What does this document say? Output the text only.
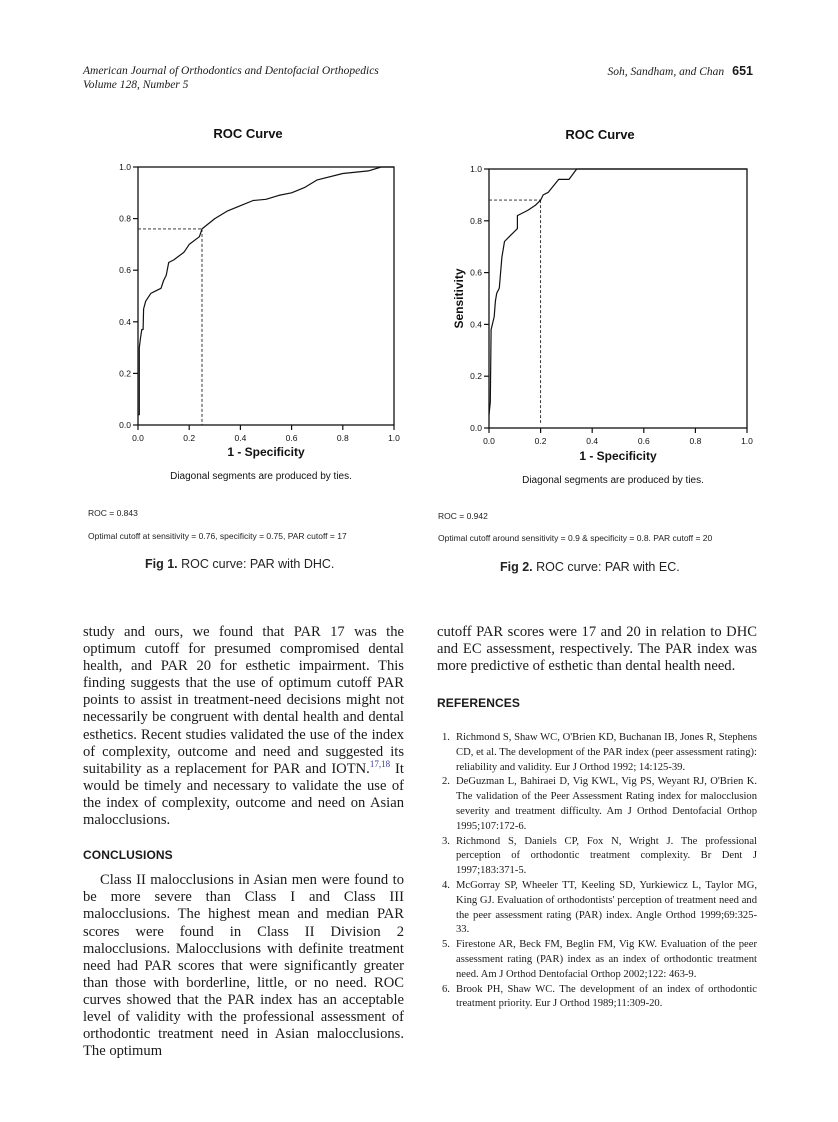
American Journal of Orthodontics and Dentofacial Orthopedics
Volume 128, Number 5
Soh, Sandham, and Chan 651
ROC Curve
0.0	0.2	0.4	0.6	0.8	1.0
0.0
0.2
0.4
0.6
0.8
1.0
1 - Specificity
Diagonal segments are produced by ties.
ROC = 0.843
Optimal cutoff at sensitivity = 0.76, specificity = 0.75, PAR cutoff = 17
Fig 1. ROC curve: PAR with DHC.
ROC Curve
0.0	0.2	0.4	0.6	0.8	1.0
0.0
0.2
0.4
0.6
0.8
1.0
1 - Specificity
Sensitivity
Diagonal segments are produced by ties.
ROC = 0.942
Optimal cutoff around sensitivity = 0.9 & specificity = 0.8. PAR cutoff = 20
Fig 2. ROC curve: PAR with EC.

study and ours, we found that PAR 17 was the optimum cutoff for presumed compromised dental health, and PAR 20 for esthetic impairment. This finding suggests that the use of optimum cutoff PAR points to assist in treatment-need decisions might not necessarily be congruent with dental health and dental esthetics. Recent studies validated the use of the index of complexity, outcome and need and suggested its suitability as a replacement for PAR and IOTN.$^{17,18}$ It would be timely and necessary to validate the use of the index of complexity, outcome and need on Asian malocclusions.

CONCLUSIONS

Class II malocclusions in Asian men were found to be more severe than Class I and Class III malocclusions. The highest mean and median PAR scores were found in Class II Division 2 malocclusions. Malocclusions with definite treatment need had PAR scores that were significantly greater than those with borderline, little, or no need. ROC curves showed that the PAR index has an acceptable level of validity with the professional assessment of orthodontic treatment need in Asian malocclusions. The optimum

cutoff PAR scores were 17 and 20 in relation to DHC and EC assessment, respectively. The PAR index was more predictive of esthetic than dental health need.

REFERENCES
1. Richmond S, Shaw WC, O'Brien KD, Buchanan IB, Jones R, Stephens CD, et al. The development of the PAR index (peer assessment rating): reliability and validity. Eur J Orthod 1992; 14:125-39.
2. DeGuzman L, Bahiraei D, Vig KWL, Vig PS, Weyant RJ, O'Brien K. The validation of the Peer Assessment Rating index for malocclusion severity and treatment difficulty. Am J Orthod Dentofacial Orthop 1995;107:172-6.
3. Richmond S, Daniels CP, Fox N, Wright J. The professional perception of orthodontic treatment complexity. Br Dent J 1997;183:371-5.
4. McGorray SP, Wheeler TT, Keeling SD, Yurkiewicz L, Taylor MG, King GJ. Evaluation of orthodontists' perception of treatment need and the peer assessment rating (PAR) index. Angle Orthod 1999;69:325-33.
5. Firestone AR, Beck FM, Beglin FM, Vig KW. Evaluation of the peer assessment rating (PAR) index as an index of orthodontic treatment need. Am J Orthod Dentofacial Orthop 2002;122: 463-9.
6. Brook PH, Shaw WC. The development of an index of orthodontic treatment priority. Eur J Orthod 1989;11:309-20.
